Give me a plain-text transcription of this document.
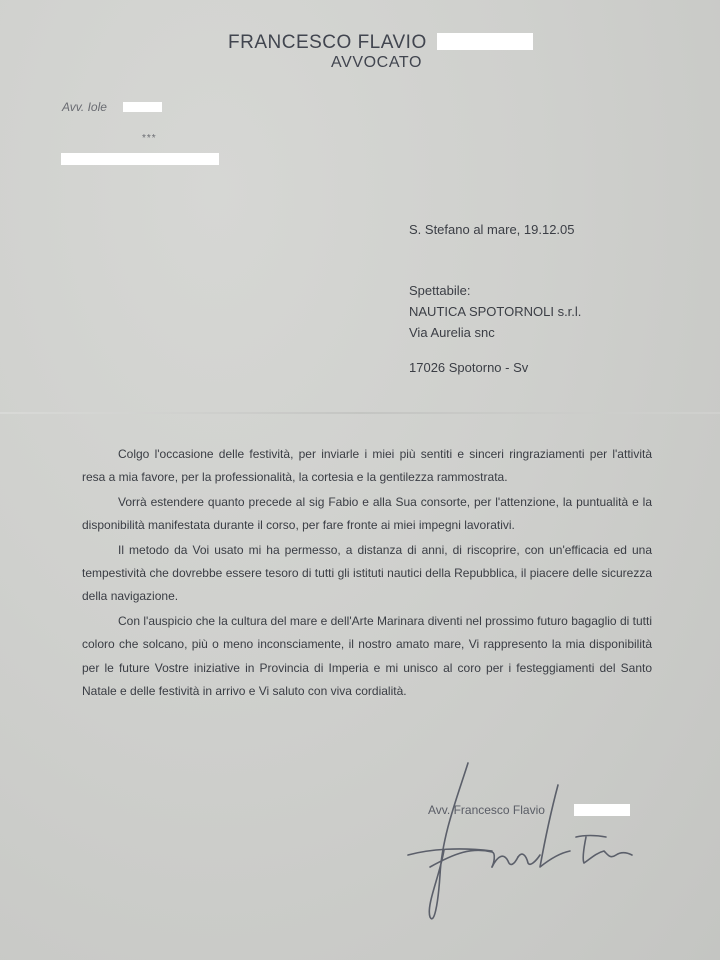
FRANCESCO FLAVIO
AVVOCATO
Avv. Iole
***
S. Stefano al mare, 19.12.05
Spettabile:
NAUTICA SPOTORNOLI s.r.l.
Via Aurelia snc
17026 Spotorno - Sv

Colgo l'occasione delle festività, per inviarle i miei più sentiti e sinceri ringraziamenti per l'attività resa a mia favore, per la professionalità, la cortesia e la gentilezza rammostrata.

Vorrà estendere quanto precede al sig Fabio e alla Sua consorte, per l'attenzione, la puntualità e la disponibilità manifestata durante il corso, per fare fronte ai miei impegni lavorativi.

Il metodo da Voi usato mi ha permesso, a distanza di anni, di riscoprire, con un'efficacia ed una tempestività che dovrebbe essere tesoro di tutti gli istituti nautici della Repubblica, il piacere delle sicurezza della navigazione.

Con l'auspicio che la cultura del mare e dell'Arte Marinara diventi nel prossimo futuro bagaglio di tutti coloro che solcano, più o meno inconsciamente, il nostro amato mare, Vi rappresento la mia disponibilità per le future Vostre iniziative in Provincia di Imperia e mi unisco al coro per i festeggiamenti del Santo Natale e delle festività in arrivo e Vi saluto con viva cordialità.

Avv. Francesco Flavio
